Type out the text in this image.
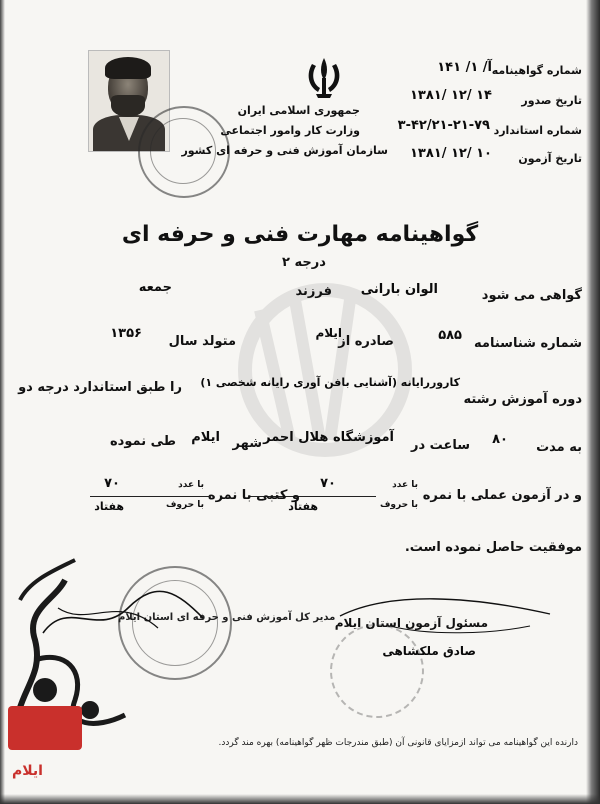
جمهوری اسلامی ایران
وزارت کار وامور اجتماعی
سازمان آموزش فنی و حرفه ای کشور
شماره گواهینامه
آ/ ۱/ ۱۴۱
تاریخ صدور
۱۳۸۱/ ۱۲/ ۱۴
شماره استاندارد
۳-۴۲/۲۱-۲۱-۷۹
تاریخ آزمون
۱۳۸۱/ ۱۲/ ۱۰
گواهینامه مهارت فنی و حرفه ای
درجه ۲
گواهی می شود
الوان بارانی
فرزند
جمعه
شماره شناسنامه
۵۸۵
صادره از
ایلام
متولد سال
۱۳۵۶
دوره آموزش رشته
کاروررایانه (آشنایی بافن آوری رایانه شخصی ۱)
را طبق استاندارد درجه دو
به مدت
۸۰
ساعت در
آموزشگاه هلال احمر
شهر
ایلام
طی نموده
و در آزمون عملی با نمره
با عدد
۷۰
با حروف
هفتاد
و کتبی با نمره
با عدد
۷۰
با حروف
هفتاد
موفقیت حاصل نموده است.
مدیر کل آموزش فنی و حرفه ای استان ایلام مسئول آزمون استان ایلام
صادق ملکشاهی
دارنده این گواهینامه می تواند ازمزایای قانونی آن (طبق مندرجات ظهر گواهینامه) بهره مند گردد.
ایلام
